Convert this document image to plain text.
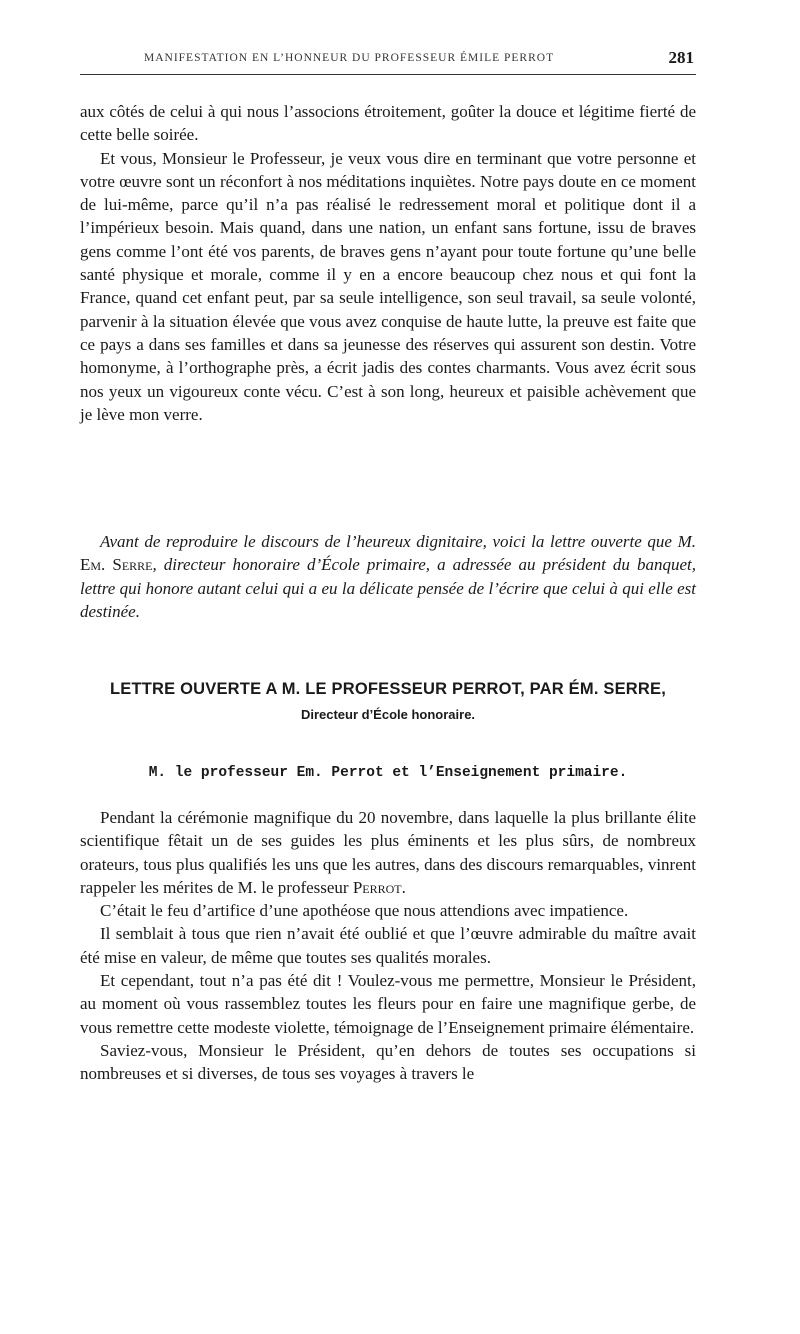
MANIFESTATION EN L’HONNEUR DU PROFESSEUR ÉMILE PERROT	281

aux côtés de celui à qui nous l’associons étroitement, goûter la douce et légitime fierté de cette belle soirée.

Et vous, Monsieur le Professeur, je veux vous dire en terminant que votre personne et votre œuvre sont un réconfort à nos méditations inquiètes. Notre pays doute en ce moment de lui-même, parce qu’il n’a pas réalisé le redressement moral et politique dont il a l’impérieux besoin. Mais quand, dans une nation, un enfant sans fortune, issu de braves gens comme l’ont été vos parents, de braves gens n’ayant pour toute fortune qu’une belle santé physique et morale, comme il y en a encore beaucoup chez nous et qui font la France, quand cet enfant peut, par sa seule intelligence, son seul travail, sa seule volonté, parvenir à la situation élevée que vous avez conquise de haute lutte, la preuve est faite que ce pays a dans ses familles et dans sa jeunesse des réserves qui assurent son destin. Votre homonyme, à l’orthographe près, a écrit jadis des contes charmants. Vous avez écrit sous nos yeux un vigoureux conte vécu. C’est à son long, heureux et paisible achèvement que je lève mon verre.

Avant de reproduire le discours de l’heureux dignitaire, voici la lettre ouverte que M. Em. Serre, directeur honoraire d’École primaire, a adressée au président du banquet, lettre qui honore autant celui qui a eu la délicate pensée de l’écrire que celui à qui elle est destinée.

LETTRE OUVERTE A M. LE PROFESSEUR PERROT, PAR ÉM. SERRE,
Directeur d’École honoraire.
M. le professeur Em. Perrot et l’Enseignement primaire.

Pendant la cérémonie magnifique du 20 novembre, dans laquelle la plus brillante élite scientifique fêtait un de ses guides les plus éminents et les plus sûrs, de nombreux orateurs, tous plus qualifiés les uns que les autres, dans des discours remarquables, vinrent rappeler les mérites de M. le professeur Perrot.

C’était le feu d’artifice d’une apothéose que nous attendions avec impatience.

Il semblait à tous que rien n’avait été oublié et que l’œuvre admirable du maître avait été mise en valeur, de même que toutes ses qualités morales.

Et cependant, tout n’a pas été dit ! Voulez-vous me permettre, Monsieur le Président, au moment où vous rassemblez toutes les fleurs pour en faire une magnifique gerbe, de vous remettre cette modeste violette, témoignage de l’Enseignement primaire élémentaire.

Saviez-vous, Monsieur le Président, qu’en dehors de toutes ses occupations si nombreuses et si diverses, de tous ses voyages à travers le
